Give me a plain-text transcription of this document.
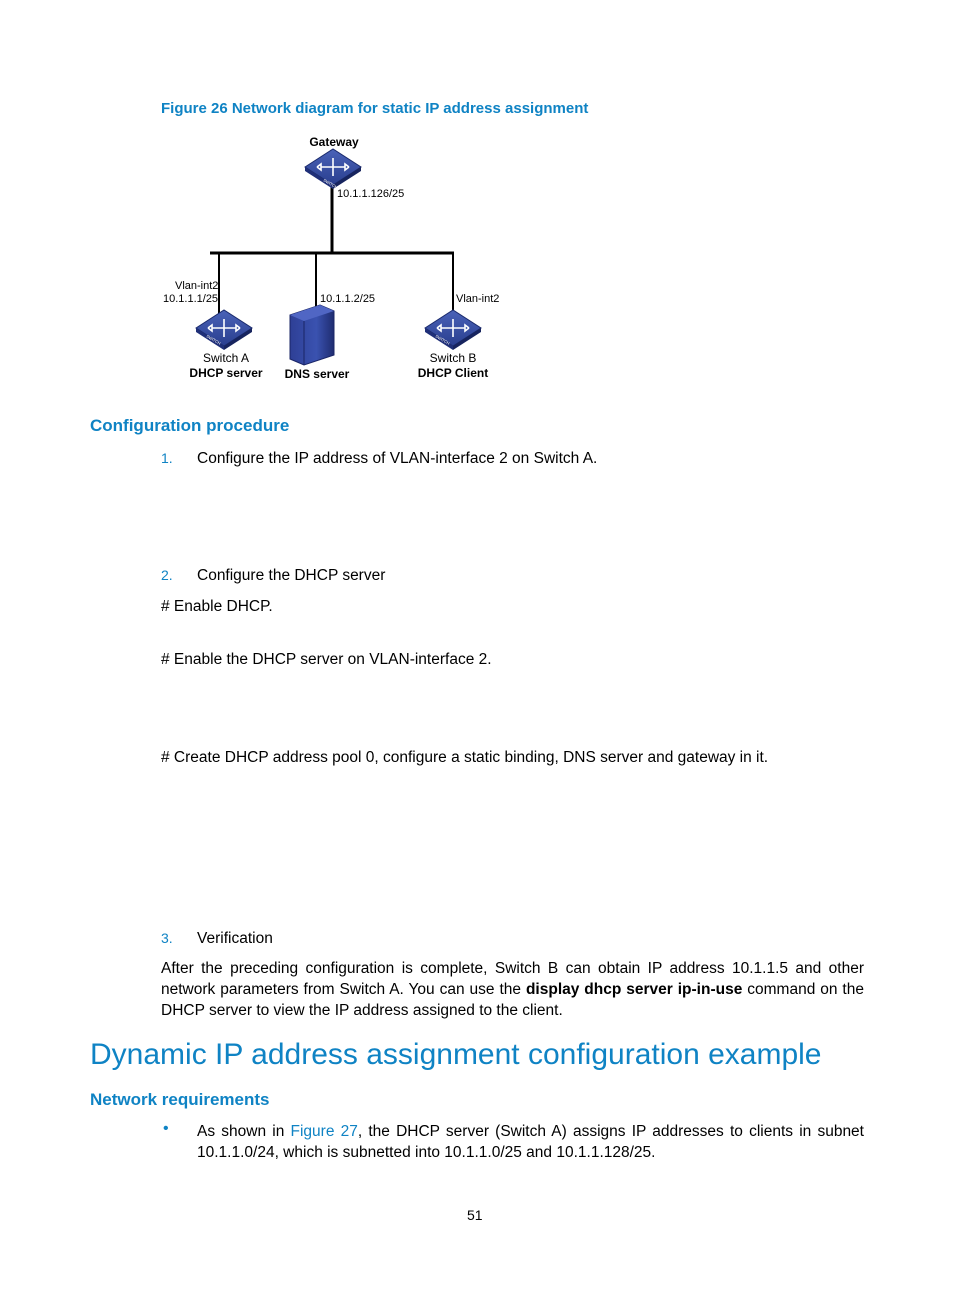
Figure 26 Network diagram for static IP address assignment
SWITCH
SWITCH	SWITCH
Gateway
10.1.1.126/25
Vlan-int2
10.1.1.1/25
Switch A
DHCP server
10.1.1.2/25
DNS server
Vlan-int2
Switch B
DHCP Client
Configuration procedure
1. Configure the IP address of VLAN-interface 2 on Switch A.
2. Configure the DHCP server
# Enable DHCP.
# Enable the DHCP server on VLAN-interface 2.
# Create DHCP address pool 0, configure a static binding, DNS server and gateway in it.
3. Verification
After the preceding configuration is complete, Switch B can obtain IP address 10.1.1.5 and other network parameters from Switch A. You can use the display dhcp server ip-in-use command on the DHCP server to view the IP address assigned to the client.
Dynamic IP address assignment configuration example
Network requirements
• As shown in Figure 27, the DHCP server (Switch A) assigns IP addresses to clients in subnet 10.1.1.0/24, which is subnetted into 10.1.1.0/25 and 10.1.1.128/25.
51
